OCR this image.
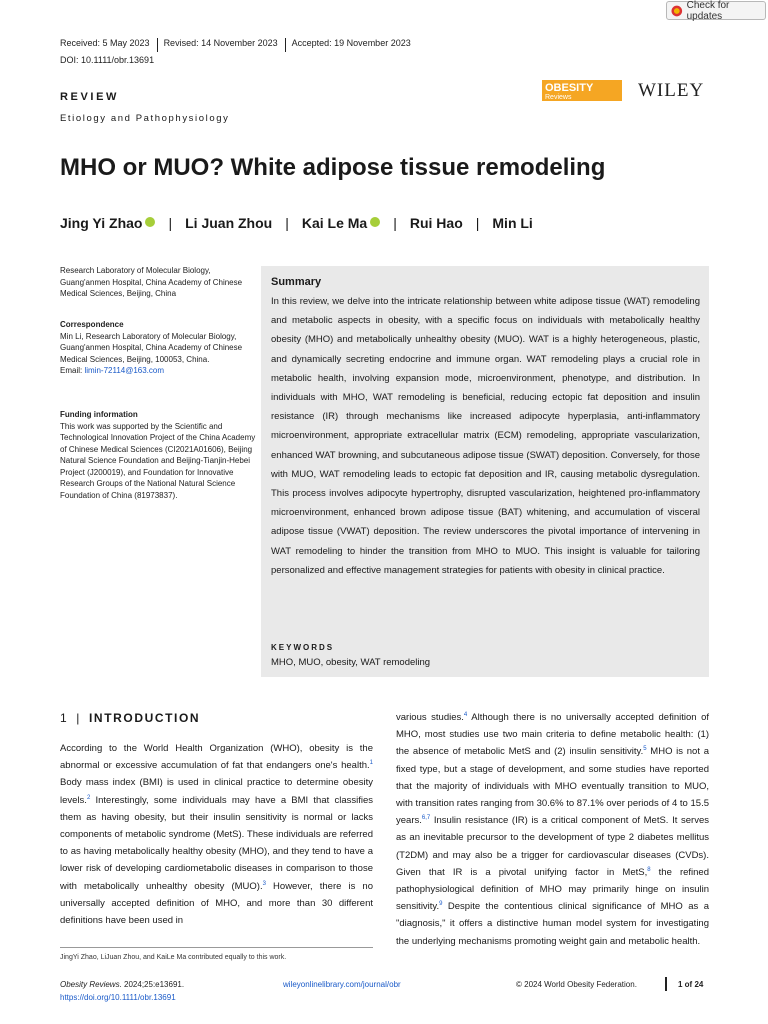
Check for updates
Received: 5 May 2023	Revised: 14 November 2023	Accepted: 19 November 2023
DOI: 10.1111/obr.13691
REVIEW
Etiology and Pathophysiology
OBESITY
Reviews	WILEY
MHO or MUO? White adipose tissue remodeling
Jing Yi Zhao | Li Juan Zhou | Kai Le Ma | Rui Hao | Min Li
Research Laboratory of Molecular Biology, Guang'anmen Hospital, China Academy of Chinese Medical Sciences, Beijing, China
Correspondence
Min Li, Research Laboratory of Molecular Biology, Guang'anmen Hospital, China Academy of Chinese Medical Sciences, Beijing, 100053, China.
Email: limin-72114@163.com
Funding information
This work was supported by the Scientific and Technological Innovation Project of the China Academy of Chinese Medical Sciences (CI2021A01606), Beijing Natural Science Foundation and Beijing-Tianjin-Hebei Project (J200019), and Foundation for Innovative Research Groups of the National Natural Science Foundation of China (81973837).
Summary
In this review, we delve into the intricate relationship between white adipose tissue (WAT) remodeling and metabolic aspects in obesity, with a specific focus on individuals with metabolically healthy obesity (MHO) and metabolically unhealthy obesity (MUO). WAT is a highly heterogeneous, plastic, and dynamically secreting endocrine and immune organ. WAT remodeling plays a crucial role in metabolic health, involving expansion mode, microenvironment, phenotype, and distribution. In individuals with MHO, WAT remodeling is beneficial, reducing ectopic fat deposition and insulin resistance (IR) through mechanisms like increased adipocyte hyperplasia, anti-inflammatory microenvironment, appropriate extracellular matrix (ECM) remodeling, appropriate vascularization, enhanced WAT browning, and subcutaneous adipose tissue (SWAT) deposition. Conversely, for those with MUO, WAT remodeling leads to ectopic fat deposition and IR, causing metabolic dysregulation. This process involves adipocyte hypertrophy, disrupted vascularization, heightened pro-inflammatory microenvironment, enhanced brown adipose tissue (BAT) whitening, and accumulation of visceral adipose tissue (VWAT) deposition. The review underscores the pivotal importance of intervening in WAT remodeling to hinder the transition from MHO to MUO. This insight is valuable for tailoring personalized and effective management strategies for patients with obesity in clinical practice.
KEYWORDS
MHO, MUO, obesity, WAT remodeling
1 | INTRODUCTION
According to the World Health Organization (WHO), obesity is the abnormal or excessive accumulation of fat that endangers one's health.$^1$ Body mass index (BMI) is used in clinical practice to determine obesity levels.$^2$ Interestingly, some individuals may have a BMI that classifies them as having obesity, but their insulin sensitivity is normal or lacks components of metabolic syndrome (MetS). These individuals are referred to as having metabolically healthy obesity (MHO), and they tend to have a lower risk of developing cardiometabolic diseases in comparison to those with metabolically unhealthy obesity (MUO).$^3$ However, there is no universally accepted definition of MHO, and more than 30 different definitions have been used in
various studies.$^4$ Although there is no universally accepted definition of MHO, most studies use two main criteria to define metabolic health: (1) the absence of metabolic MetS and (2) insulin sensitivity.$^5$ MHO is not a fixed type, but a stage of development, and some studies have reported that the majority of individuals with MHO eventually transition to MUO, with transition rates ranging from 30.6% to 87.1% over periods of 4 to 15.5 years.$^{6,7}$ Insulin resistance (IR) is a critical component of MetS. It serves as an inevitable precursor to the development of type 2 diabetes mellitus (T2DM) and may also be a trigger for cardiovascular diseases (CVDs). Given that IR is a pivotal unifying factor in MetS,$^8$ the refined pathophysiological definition of MHO may primarily hinge on insulin sensitivity.$^9$ Despite the contentious clinical significance of MHO as a "diagnosis," it offers a distinctive human model system for investigating the underlying mechanisms promoting weight gain and metabolic health.
JingYi Zhao, LiJuan Zhou, and KaiLe Ma contributed equally to this work.
Obesity Reviews. 2024;25:e13691.
https://doi.org/10.1111/obr.13691
wileyonlinelibrary.com/journal/obr	© 2024 World Obesity Federation.	1 of 24
